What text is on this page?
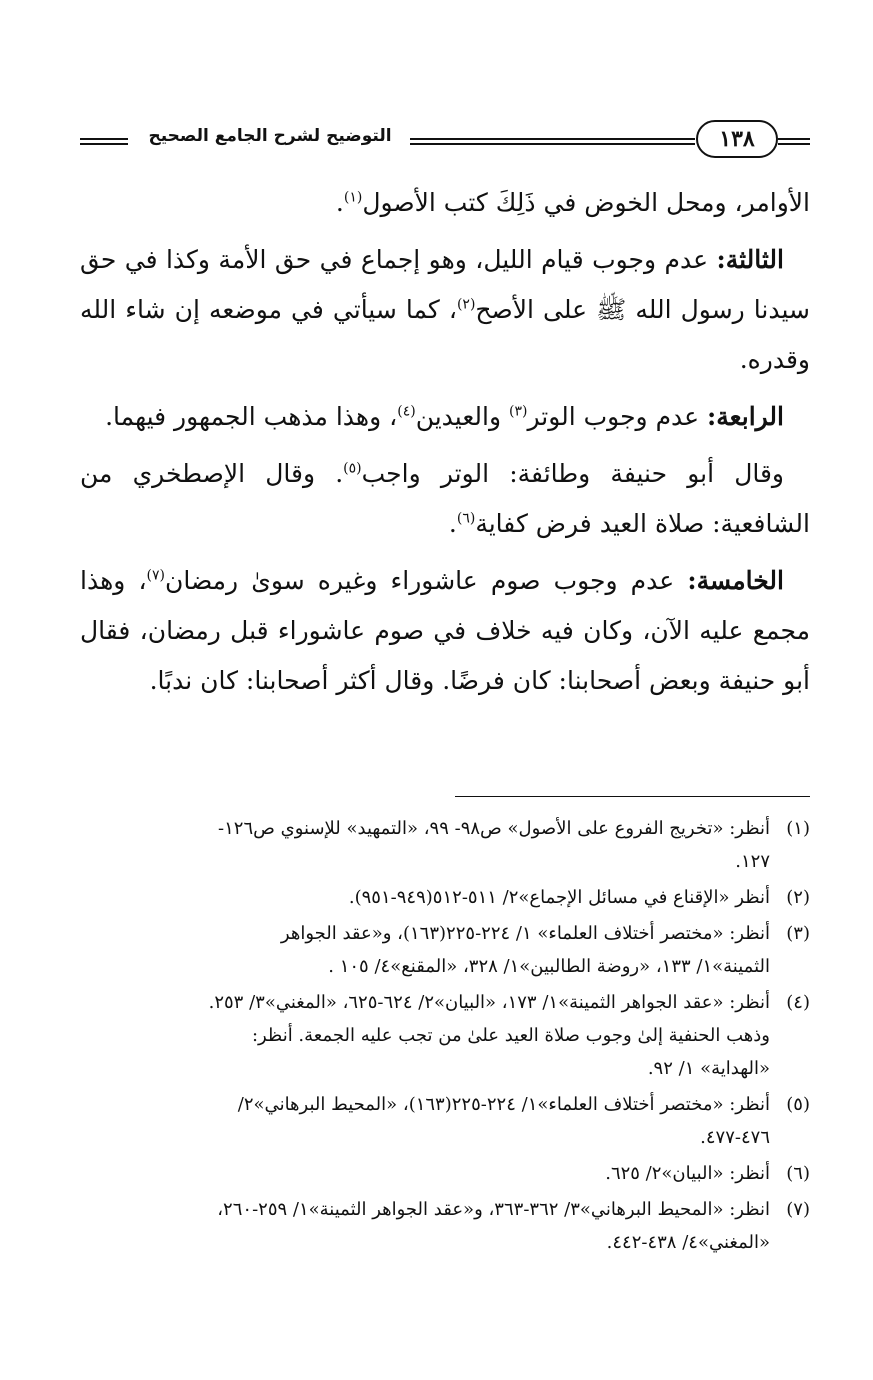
التوضيح لشرح الجامع الصحيح	١٣٨

الأوامر، ومحل الخوض في ذَلِكَ كتب الأصول$^{(١)}$.

الثالثة: عدم وجوب قيام الليل، وهو إجماع في حق الأمة وكذا في حق سيدنا رسول الله ﷺ على الأصح$^{(٢)}$، كما سيأتي في موضعه إن شاء الله وقدره.

الرابعة: عدم وجوب الوتر$^{(٣)}$ والعيدين$^{(٤)}$، وهذا مذهب الجمهور فيهما.

وقال أبو حنيفة وطائفة: الوتر واجب$^{(٥)}$. وقال الإصطخري من الشافعية: صلاة العيد فرض كفاية$^{(٦)}$.

الخامسة: عدم وجوب صوم عاشوراء وغيره سوىٰ رمضان$^{(٧)}$، وهذا مجمع عليه الآن، وكان فيه خلاف في صوم عاشوراء قبل رمضان، فقال أبو حنيفة وبعض أصحابنا: كان فرضًا. وقال أكثر أصحابنا: كان ندبًا.

(١)
أنظر: «تخريج الفروع على الأصول» ص٩٨- ٩٩، «التمهيد» للإسنوي ص١٢٦-
١٢٧.
(٢)
أنظر «الإقناع في مسائل الإجماع»٢/ ٥١١-٥١٢(٩٤٩-٩٥١).
(٣)
أنظر: «مختصر أختلاف العلماء» ١/ ٢٢٤-٢٢٥(١٦٣)، و«عقد الجواهر
الثمينة»١/ ١٣٣، «روضة الطالبين»١/ ٣٢٨، «المقنع»٤/ ١٠٥ .
(٤)
أنظر: «عقد الجواهر الثمينة»١/ ١٧٣، «البيان»٢/ ٦٢٤-٦٢٥، «المغني»٣/ ٢٥٣.
وذهب الحنفية إلىٰ وجوب صلاة العيد علىٰ من تجب عليه الجمعة. أنظر:
«الهداية» ١/ ٩٢.
(٥)
أنظر: «مختصر أختلاف العلماء»١/ ٢٢٤-٢٢٥(١٦٣)، «المحيط البرهاني»٢/
٤٧٦-٤٧٧.
(٦)
أنظر: «البيان»٢/ ٦٢٥.
(٧)
انظر: «المحيط البرهاني»٣/ ٣٦٢-٣٦٣، و«عقد الجواهر الثمينة»١/ ٢٥٩-٢٦٠،
«المغني»٤/ ٤٣٨-٤٤٢.
